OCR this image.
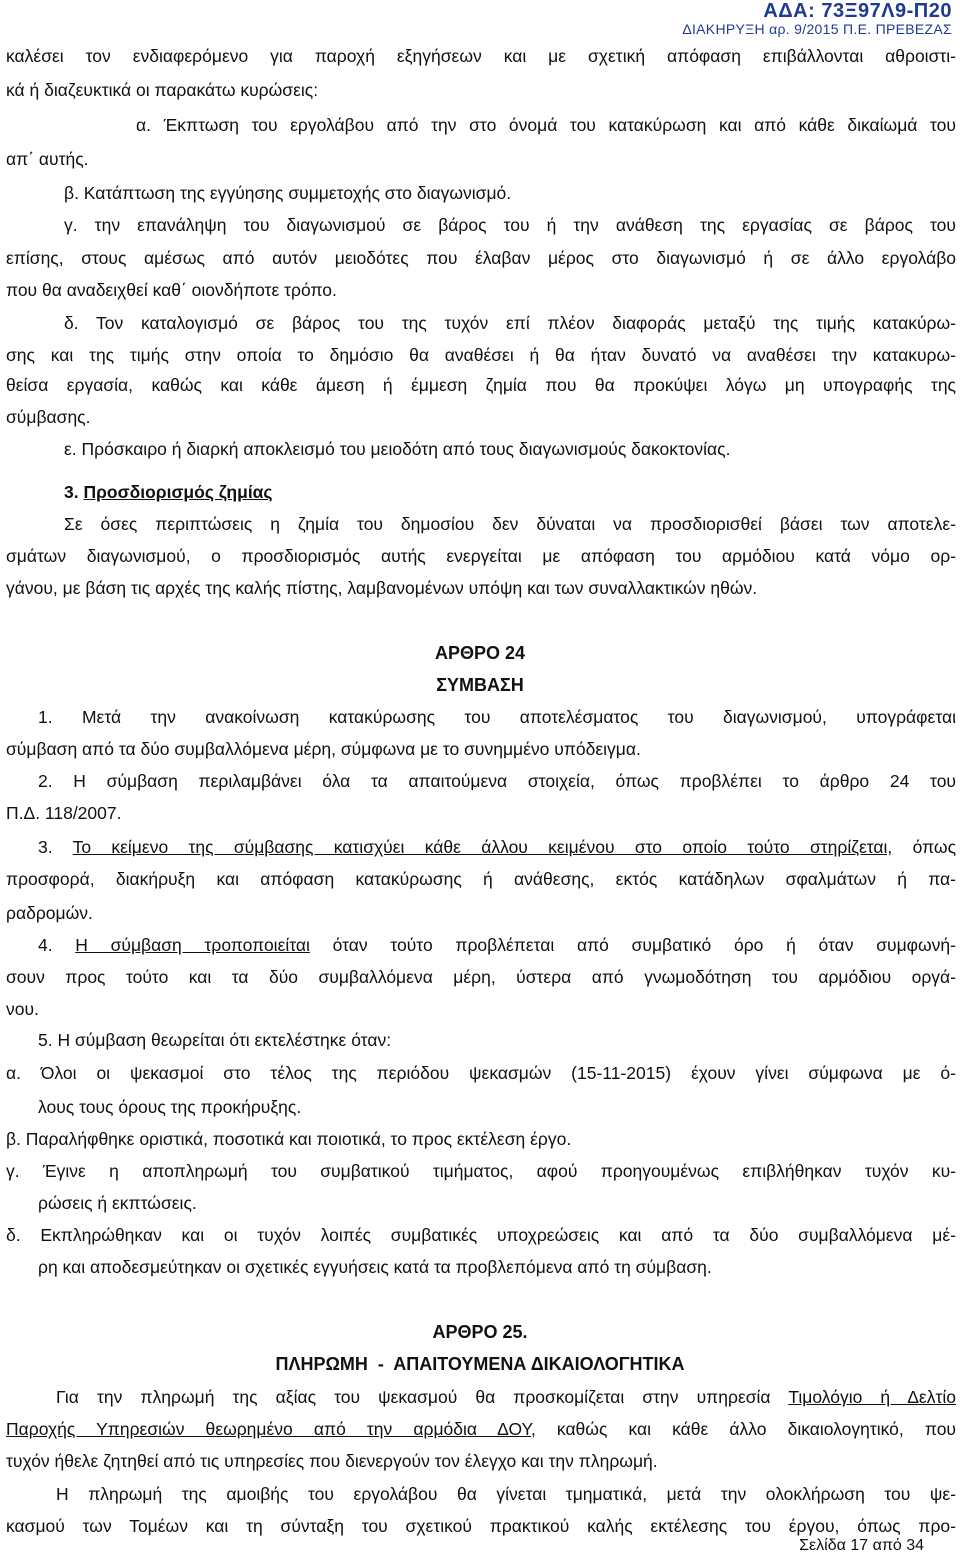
ΑΔΑ: 73Ξ97Λ9-Π20
ΔΙΑΚΗΡΥΞΗ αρ. 9/2015 Π.Ε. ΠΡΕΒΕΖΑΣ
καλέσει τον ενδιαφερόμενο για παροχή εξηγήσεων και με σχετική απόφαση επιβάλλονται αθροιστι-
κά ή διαζευκτικά οι παρακάτω κυρώσεις:
α. Έκπτωση του εργολάβου από την στο όνομά του κατακύρωση και από κάθε δικαίωμά του
απ΄ αυτής.
β. Κατάπτωση της εγγύησης συμμετοχής στο διαγωνισμό.
γ. την επανάληψη του διαγωνισμού σε βάρος του ή την ανάθεση της εργασίας σε βάρος του
επίσης, στους αμέσως από αυτόν μειοδότες που έλαβαν μέρος στο διαγωνισμό ή σε άλλο εργολάβο
που θα αναδειχθεί καθ΄ οιονδήποτε τρόπο.
δ. Τον καταλογισμό σε βάρος του της τυχόν επί πλέον διαφοράς μεταξύ της τιμής κατακύρω-
σης και της τιμής στην οποία το δημόσιο θα αναθέσει ή θα ήταν δυνατό να αναθέσει την κατακυρω-
θείσα εργασία, καθώς και κάθε άμεση ή έμμεση ζημία που θα προκύψει λόγω μη υπογραφής της
σύμβασης.
ε. Πρόσκαιρο ή διαρκή αποκλεισμό του μειοδότη από τους διαγωνισμούς δακοκτονίας.
3. Προσδιορισμός ζημίας
Σε όσες περιπτώσεις η ζημία του δημοσίου δεν δύναται να προσδιορισθεί βάσει των αποτελε-
σμάτων διαγωνισμού, ο προσδιορισμός αυτής ενεργείται με απόφαση του αρμόδιου κατά νόμο ορ-
γάνου, με βάση τις αρχές της καλής πίστης, λαμβανομένων υπόψη και των συναλλακτικών ηθών.
ΑΡΘΡΟ 24
ΣΥΜΒΑΣΗ
1. Μετά την ανακοίνωση κατακύρωσης του αποτελέσματος του διαγωνισμού, υπογράφεται
σύμβαση από τα δύο συμβαλλόμενα μέρη, σύμφωνα με το συνημμένο υπόδειγμα.
2. Η σύμβαση περιλαμβάνει όλα τα απαιτούμενα στοιχεία, όπως προβλέπει το άρθρο 24 του
Π.Δ. 118/2007.
3. Το κείμενο της σύμβασης κατισχύει κάθε άλλου κειμένου στο οποίο τούτο στηρίζεται, όπως
προσφορά, διακήρυξη και απόφαση κατακύρωσης ή ανάθεσης, εκτός κατάδηλων σφαλμάτων ή πα-
ραδρομών.
4. Η σύμβαση τροποποιείται όταν τούτο προβλέπεται από συμβατικό όρο ή όταν συμφωνή-
σουν προς τούτο και τα δύο συμβαλλόμενα μέρη, ύστερα από γνωμοδότηση του αρμόδιου οργά-
νου.
5. Η σύμβαση θεωρείται ότι εκτελέστηκε όταν:
α. Όλοι οι ψεκασμοί στο τέλος της περιόδου ψεκασμών (15-11-2015) έχουν γίνει σύμφωνα με ό-
λους τους όρους της προκήρυξης.
β. Παραλήφθηκε οριστικά, ποσοτικά και ποιοτικά, το προς εκτέλεση έργο.
γ. Έγινε η αποπληρωμή του συμβατικού τιμήματος, αφού προηγουμένως επιβλήθηκαν τυχόν κυ-
ρώσεις ή εκπτώσεις.
δ. Εκπληρώθηκαν και οι τυχόν λοιπές συμβατικές υποχρεώσεις και από τα δύο συμβαλλόμενα μέ-
ρη και αποδεσμεύτηκαν οι σχετικές εγγυήσεις κατά τα προβλεπόμενα από τη σύμβαση.
ΑΡΘΡΟ 25.
ΠΛΗΡΩΜΗ  -  ΑΠΑΙΤΟΥΜΕΝΑ ΔΙΚΑΙΟΛΟΓΗΤΙΚΑ
Για την πληρωμή της αξίας του ψεκασμού θα προσκομίζεται στην υπηρεσία Τιμολόγιο ή Δελτίο
Παροχής Υπηρεσιών θεωρημένο από την αρμόδια ΔΟΥ, καθώς και κάθε άλλο δικαιολογητικό, που
τυχόν ήθελε ζητηθεί από τις υπηρεσίες που διενεργούν τον έλεγχο και την πληρωμή.
Η πληρωμή της αμοιβής του εργολάβου θα γίνεται τμηματικά, μετά την ολοκλήρωση του ψε-
κασμού των Τομέων και τη σύνταξη του σχετικού πρακτικού καλής εκτέλεσης του έργου, όπως προ-
Σελίδα 17 από 34
